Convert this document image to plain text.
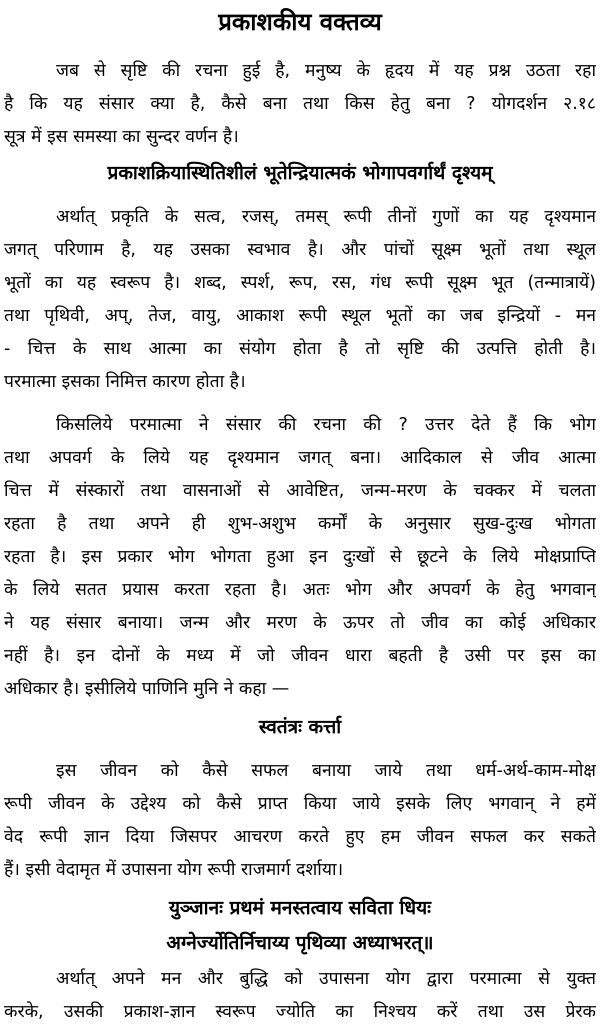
प्रकाशकीय वक्तव्य
जब से सृष्टि की रचना हुई है, मनुष्य के हृदय में यह प्रश्न उठता रहा
है कि यह संसार क्या है, कैसे बना तथा किस हेतु बना ? योगदर्शन २.१८
सूत्र में इस समस्या का सुन्दर वर्णन है।
प्रकाशक्रियास्थितिशीलं भूतेन्द्रियात्मकं भोगापवर्गार्थं दृश्यम्
अर्थात् प्रकृति के सत्व, रजस्, तमस् रूपी तीनों गुणों का यह दृश्यमान
जगत् परिणाम है, यह उसका स्वभाव है। और पांचों सूक्ष्म भूतों तथा स्थूल
भूतों का यह स्वरूप है। शब्द, स्पर्श, रूप, रस, गंध रूपी सूक्ष्म भूत (तन्मात्रायें)
तथा पृथिवी, अप्, तेज, वायु, आकाश रूपी स्थूल भूतों का जब इन्द्रियों - मन
- चित्त के साथ आत्मा का संयोग होता है तो सृष्टि की उत्पत्ति होती है।
परमात्मा इसका निमित्त कारण होता है।
किसलिये परमात्मा ने संसार की रचना की ? उत्तर देते हैं कि भोग
तथा अपवर्ग के लिये यह दृश्यमान जगत् बना। आदिकाल से जीव आत्मा
चित्त में संस्कारों तथा वासनाओं से आवेष्टित, जन्म-मरण के चक्कर में चलता
रहता है तथा अपने ही शुभ-अशुभ कर्मों के अनुसार सुख-दुःख भोगता
रहता है। इस प्रकार भोग भोगता हुआ इन दुःखों से छूटने के लिये मोक्षप्राप्ति
के लिये सतत प्रयास करता रहता है। अतः भोग और अपवर्ग के हेतु भगवान्
ने यह संसार बनाया। जन्म और मरण के ऊपर तो जीव का कोई अधिकार
नहीं है। इन दोनों के मध्य में जो जीवन धारा बहती है उसी पर इस का
अधिकार है। इसीलिये पाणिनि मुनि ने कहा —
स्वतंत्रः कर्त्ता
इस जीवन को कैसे सफल बनाया जाये तथा धर्म-अर्थ-काम-मोक्ष
रूपी जीवन के उद्देश्य को कैसे प्राप्त किया जाये इसके लिए भगवान् ने हमें
वेद रूपी ज्ञान दिया जिसपर आचरण करते हुए हम जीवन सफल कर सकते
हैं। इसी वेदामृत में उपासना योग रूपी राजमार्ग दर्शाया।
युञ्जानः प्रथमं मनस्तत्वाय सविता धियः
अग्नेर्ज्योतिर्निचाय्य पृथिव्या अध्याभरत्॥
अर्थात् अपने मन और बुद्धि को उपासना योग द्वारा परमात्मा से युक्त
करके, उसकी प्रकाश-ज्ञान स्वरूप ज्योति का निश्चय करें तथा उस प्रेरक
